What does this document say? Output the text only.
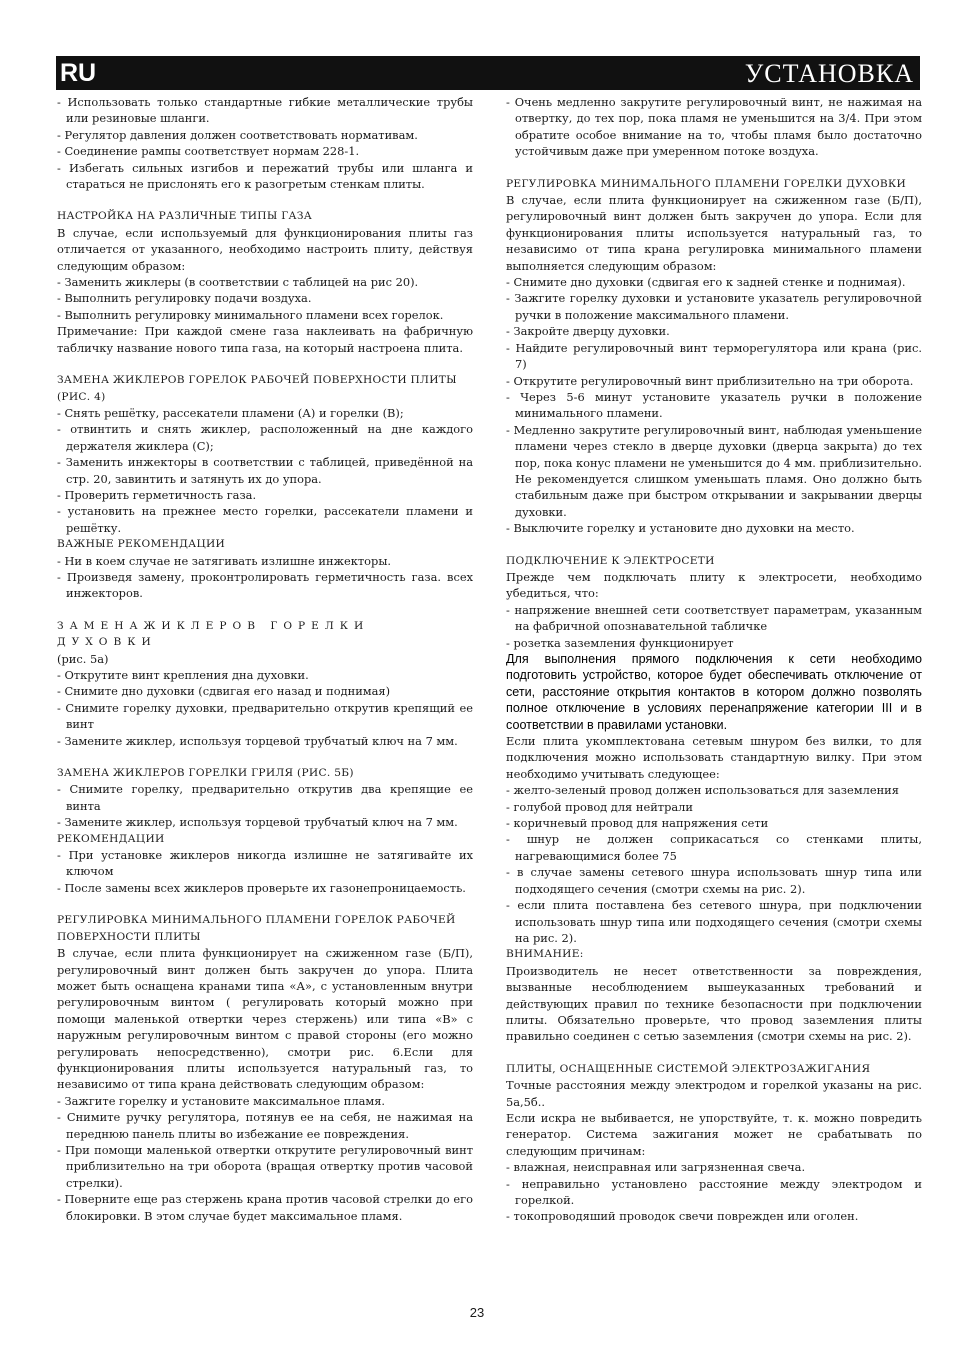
RU	УСТАНОВКА
- Использовать только стандартные гибкие металлические трубы или резиновые шланги.
- Регулятор давления должен соответствовать нормативам.
- Соединение рампы соответствует нормам 228-1.
- Избегать сильных изгибов и пережатий трубы или шланга и стараться не прислонять его к разогретым стенкам плиты.
НАСТРОЙКА НА РАЗЛИЧНЫЕ ТИПЫ ГАЗА
В случае, если используемый для функционирования плиты газ отличается от указанного, необходимо настроить плиту, действуя следующим образом:
- Заменить жиклеры (в соответствии с таблицей на рис 20).
- Выполнить регулировку подачи воздуха.
- Выполнить регулировку минимального пламени всех горелок.
Примечание: При каждой смене газа наклеивать на фабричную табличку название нового типа газа, на который настроена плита.
ЗАМЕНА ЖИКЛЕРОВ ГОРЕЛОК РАБОЧЕЙ ПОВЕРХНОСТИ ПЛИТЫ (РИС. 4)
- Снять решётку, рассекатели пламени (А) и горелки (В);
- отвинтить и снять жиклер, расположенный на дне каждого держателя жиклера (С);
- Заменить инжекторы в соответствии с таблицей, приведённой на стр. 20, завинтить и затянуть их до упора.
- Проверить герметичность газа.
- установить на прежнее место горелки, рассекатели пламени и решётку.
ВАЖНЫЕ РЕКОМЕНДАЦИИ
- Ни в коем случае не затягивать излишне инжекторы.
- Произведя замену, проконтролировать герметичность газа. всех инжекторов.
ЗАМЕНАЖИКЛЕРОВ ГОРЕЛКИ ДУХОВКИ
(рис. 5а)
- Открутите винт крепления дна духовки.
- Снимите дно духовки (сдвигая его назад и поднимая)
- Снимите горелку духовки, предварительно открутив крепящий ее винт
- Замените жиклер, используя торцевой трубчатый ключ на 7 мм.
ЗАМЕНА ЖИКЛЕРОВ ГОРЕЛКИ ГРИЛЯ (РИС. 5Б)
- Снимите горелку, предварительно открутив два крепящие ее винта
- Замените жиклер, используя торцевой трубчатый ключ на 7 мм.
РЕКОМЕНДАЦИИ
- При установке жиклеров никогда излишне не затягивайте их ключом
- После замены всех жиклеров проверьте их газонепроницаемость.
РЕГУЛИРОВКА МИНИМАЛЬНОГО ПЛАМЕНИ ГОРЕЛОК РАБОЧЕЙ ПОВЕРХНОСТИ ПЛИТЫ
В случае, если плита функционирует на сжиженном газе (Б/П), регулировочный винт должен быть закручен до упора. Плита может быть оснащена кранами типа «А», с установленным внутри регулировочным винтом ( регулировать который можно при помощи маленькой отвертки через стержень) или типа «В» с наружным регулировочным винтом с правой стороны (его можно регулировать непосредственно), смотри рис. 6.Если для функционирования плиты используется натуральный газ, то независимо от типа крана действовать следующим образом:
- Зажгите горелку и установите максимальное пламя.
- Снимите ручку регулятора, потянув ее на себя, не нажимая на переднюю панель плиты во избежание ее повреждения.
- При помощи маленькой отвертки открутите регулировочный винт приблизительно на три оборота (вращая отвертку против часовой стрелки).
- Поверните еще раз стержень крана против часовой стрелки до его блокировки. В этом случае будет максимальное пламя.
- Очень медленно закрутите регулировочный винт, не нажимая на отвертку, до тех пор, пока пламя не уменьшится на 3/4. При этом обратите особое внимание на то, чтобы пламя было достаточно устойчивым даже при умеренном потоке воздуха.
РЕГУЛИРОВКА МИНИМАЛЬНОГО ПЛАМЕНИ ГОРЕЛКИ ДУХОВКИ
В случае, если плита функционирует на сжиженном газе (Б/П), регулировочный винт должен быть закручен до упора. Если для функционирования плиты используется натуральный газ, то независимо от типа крана регулировка минимального пламени выполняется следующим образом:
- Снимите дно духовки (сдвигая его к задней стенке и поднимая).
- Зажгите горелку духовки и установите указатель регулировочной ручки в положение максимального пламени.
- Закройте дверцу духовки.
- Найдите регулировочный винт терморегулятора или крана (рис. 7)
- Открутите регулировочный винт приблизительно на три оборота.
- Через 5-6 минут установите указатель ручки в положение минимального пламени.
- Медленно закрутите регулировочный винт, наблюдая уменьшение пламени через стекло в дверце духовки (дверца закрыта) до тех пор, пока конус пламени не уменьшится до 4 мм. приблизительно. Не рекомендуется слишком уменьшать пламя. Оно должно быть стабильным даже при быстром открывании и закрывании дверцы духовки.
- Выключите горелку и установите дно духовки на место.
ПОДКЛЮЧЕНИЕ К ЭЛЕКТРОСЕТИ
Прежде чем подключать плиту к электросети, необходимо убедиться, что:
- напряжение внешней сети соответствует параметрам, указанным на фабричной опознавательной табличке
- розетка заземления функционирует
Для выполнения прямого подключения к сети необходимо подготовить устройство, которое будет обеспечивать отключение от сети, расстояние открытия контактов в котором должно позволять полное отключение в условиях перенапряжение категории III и в соответствии в правилами установки.
Если плита укомплектована сетевым шнуром без вилки, то для подключения можно использовать стандартную вилку. При этом необходимо учитывать следующее:
- желто-зеленый провод должен использоваться для заземления
- голубой провод для нейтрали
- коричневый провод для напряжения сети
- шнур не должен соприкасаться со стенками плиты, нагревающимися более 75
- в случае замены сетевого шнура использовать шнур типа или подходящего сечения (смотри схемы на рис. 2).
- если плита поставлена без сетевого шнура, при подключении использовать шнур типа или подходящего сечения (смотри схемы на рис. 2).
ВНИМАНИЕ:
Производитель не несет ответственности за повреждения, вызванные несоблюдением вышеуказанных требований и действующих правил по технике безопасности при подключении плиты. Обязательно проверьте, что провод заземления плиты правильно соединен с сетью заземления (смотри схемы на рис. 2).
ПЛИТЫ, ОСНАЩЕННЫЕ СИСТЕМОЙ ЭЛЕКТРОЗАЖИГАНИЯ
Точные расстояния между электродом и горелкой указаны на рис. 5а,5б..
Если искра не выбивается, не упорствуйте, т. к. можно повредить генератор. Система зажигания может не срабатывать по следующим причинам:
- влажная, неисправная или загрязненная свеча.
- неправильно установлено расстояние между электродом и горелкой.
- токопроводяший проводок свечи поврежден или оголен.
23
